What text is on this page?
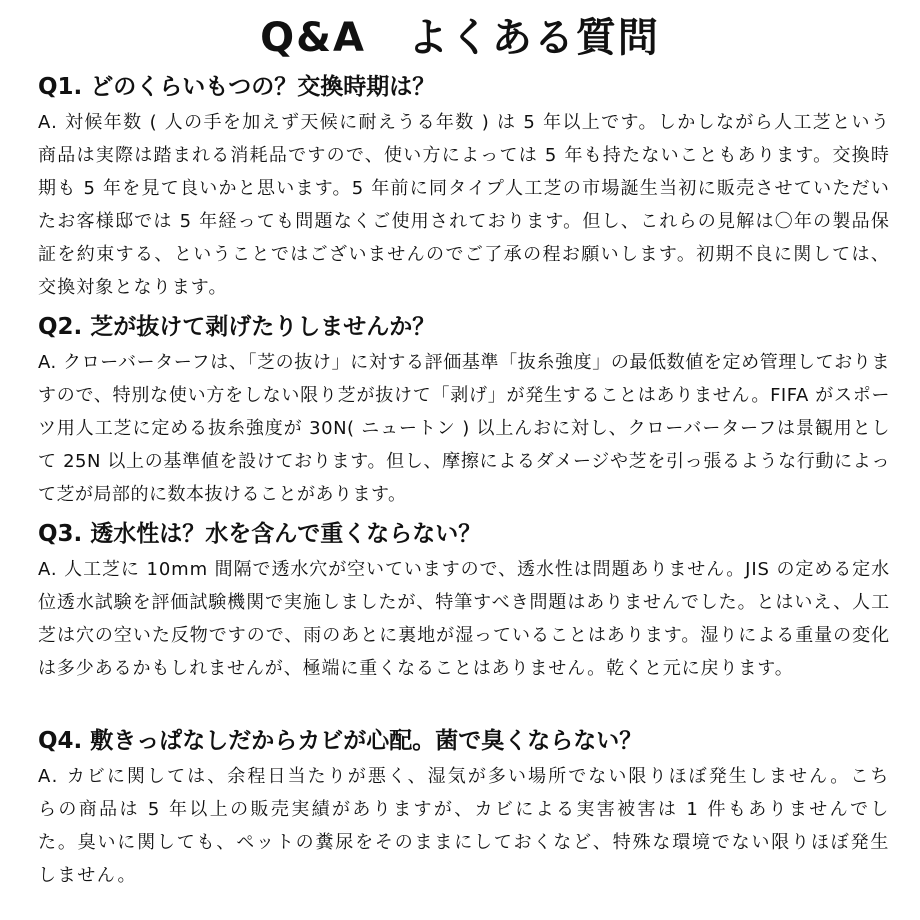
Q&A　よくある質問
Q1. どのくらいもつの？交換時期は？

A. 対候年数 ( 人の手を加えず天候に耐えうる年数 ) は 5 年以上です。しかしながら人工芝という商品は実際は踏まれる消耗品ですので、使い方によっては 5 年も持たないこともあります。交換時期も 5 年を見て良いかと思います。5 年前に同タイプ人工芝の市場誕生当初に販売させていただいたお客様邸では 5 年経っても問題なくご使用されております。但し、これらの見解は〇年の製品保証を約束する、ということではございませんのでご了承の程お願いします。初期不良に関しては、交換対象となります。

Q2. 芝が抜けて剥げたりしませんか？

A. クローバーターフは、「芝の抜け」に対する評価基準「抜糸強度」の最低数値を定め管理しておりますので、特別な使い方をしない限り芝が抜けて「剥げ」が発生することはありません。FIFA がスポーツ用人工芝に定める抜糸強度が 30N( ニュートン ) 以上んおに対し、クローバーターフは景観用として 25N 以上の基準値を設けております。但し、摩擦によるダメージや芝を引っ張るような行動によって芝が局部的に数本抜けることがあります。

Q3. 透水性は？水を含んで重くならない？

A. 人工芝に 10mm 間隔で透水穴が空いていますので、透水性は問題ありません。JIS の定める定水位透水試験を評価試験機関で実施しましたが、特筆すべき問題はありませんでした。とはいえ、人工芝は穴の空いた反物ですので、雨のあとに裏地が湿っていることはあります。湿りによる重量の変化は多少あるかもしれませんが、極端に重くなることはありません。乾くと元に戻ります。

Q4. 敷きっぱなしだからカビが心配。菌で臭くならない？

A. カビに関しては、余程日当たりが悪く、湿気が多い場所でない限りほぼ発生しません。こちらの商品は 5 年以上の販売実績がありますが、カビによる実害被害は 1 件もありませんでした。臭いに関しても、ペットの糞尿をそのままにしておくなど、特殊な環境でない限りほぼ発生しません。
